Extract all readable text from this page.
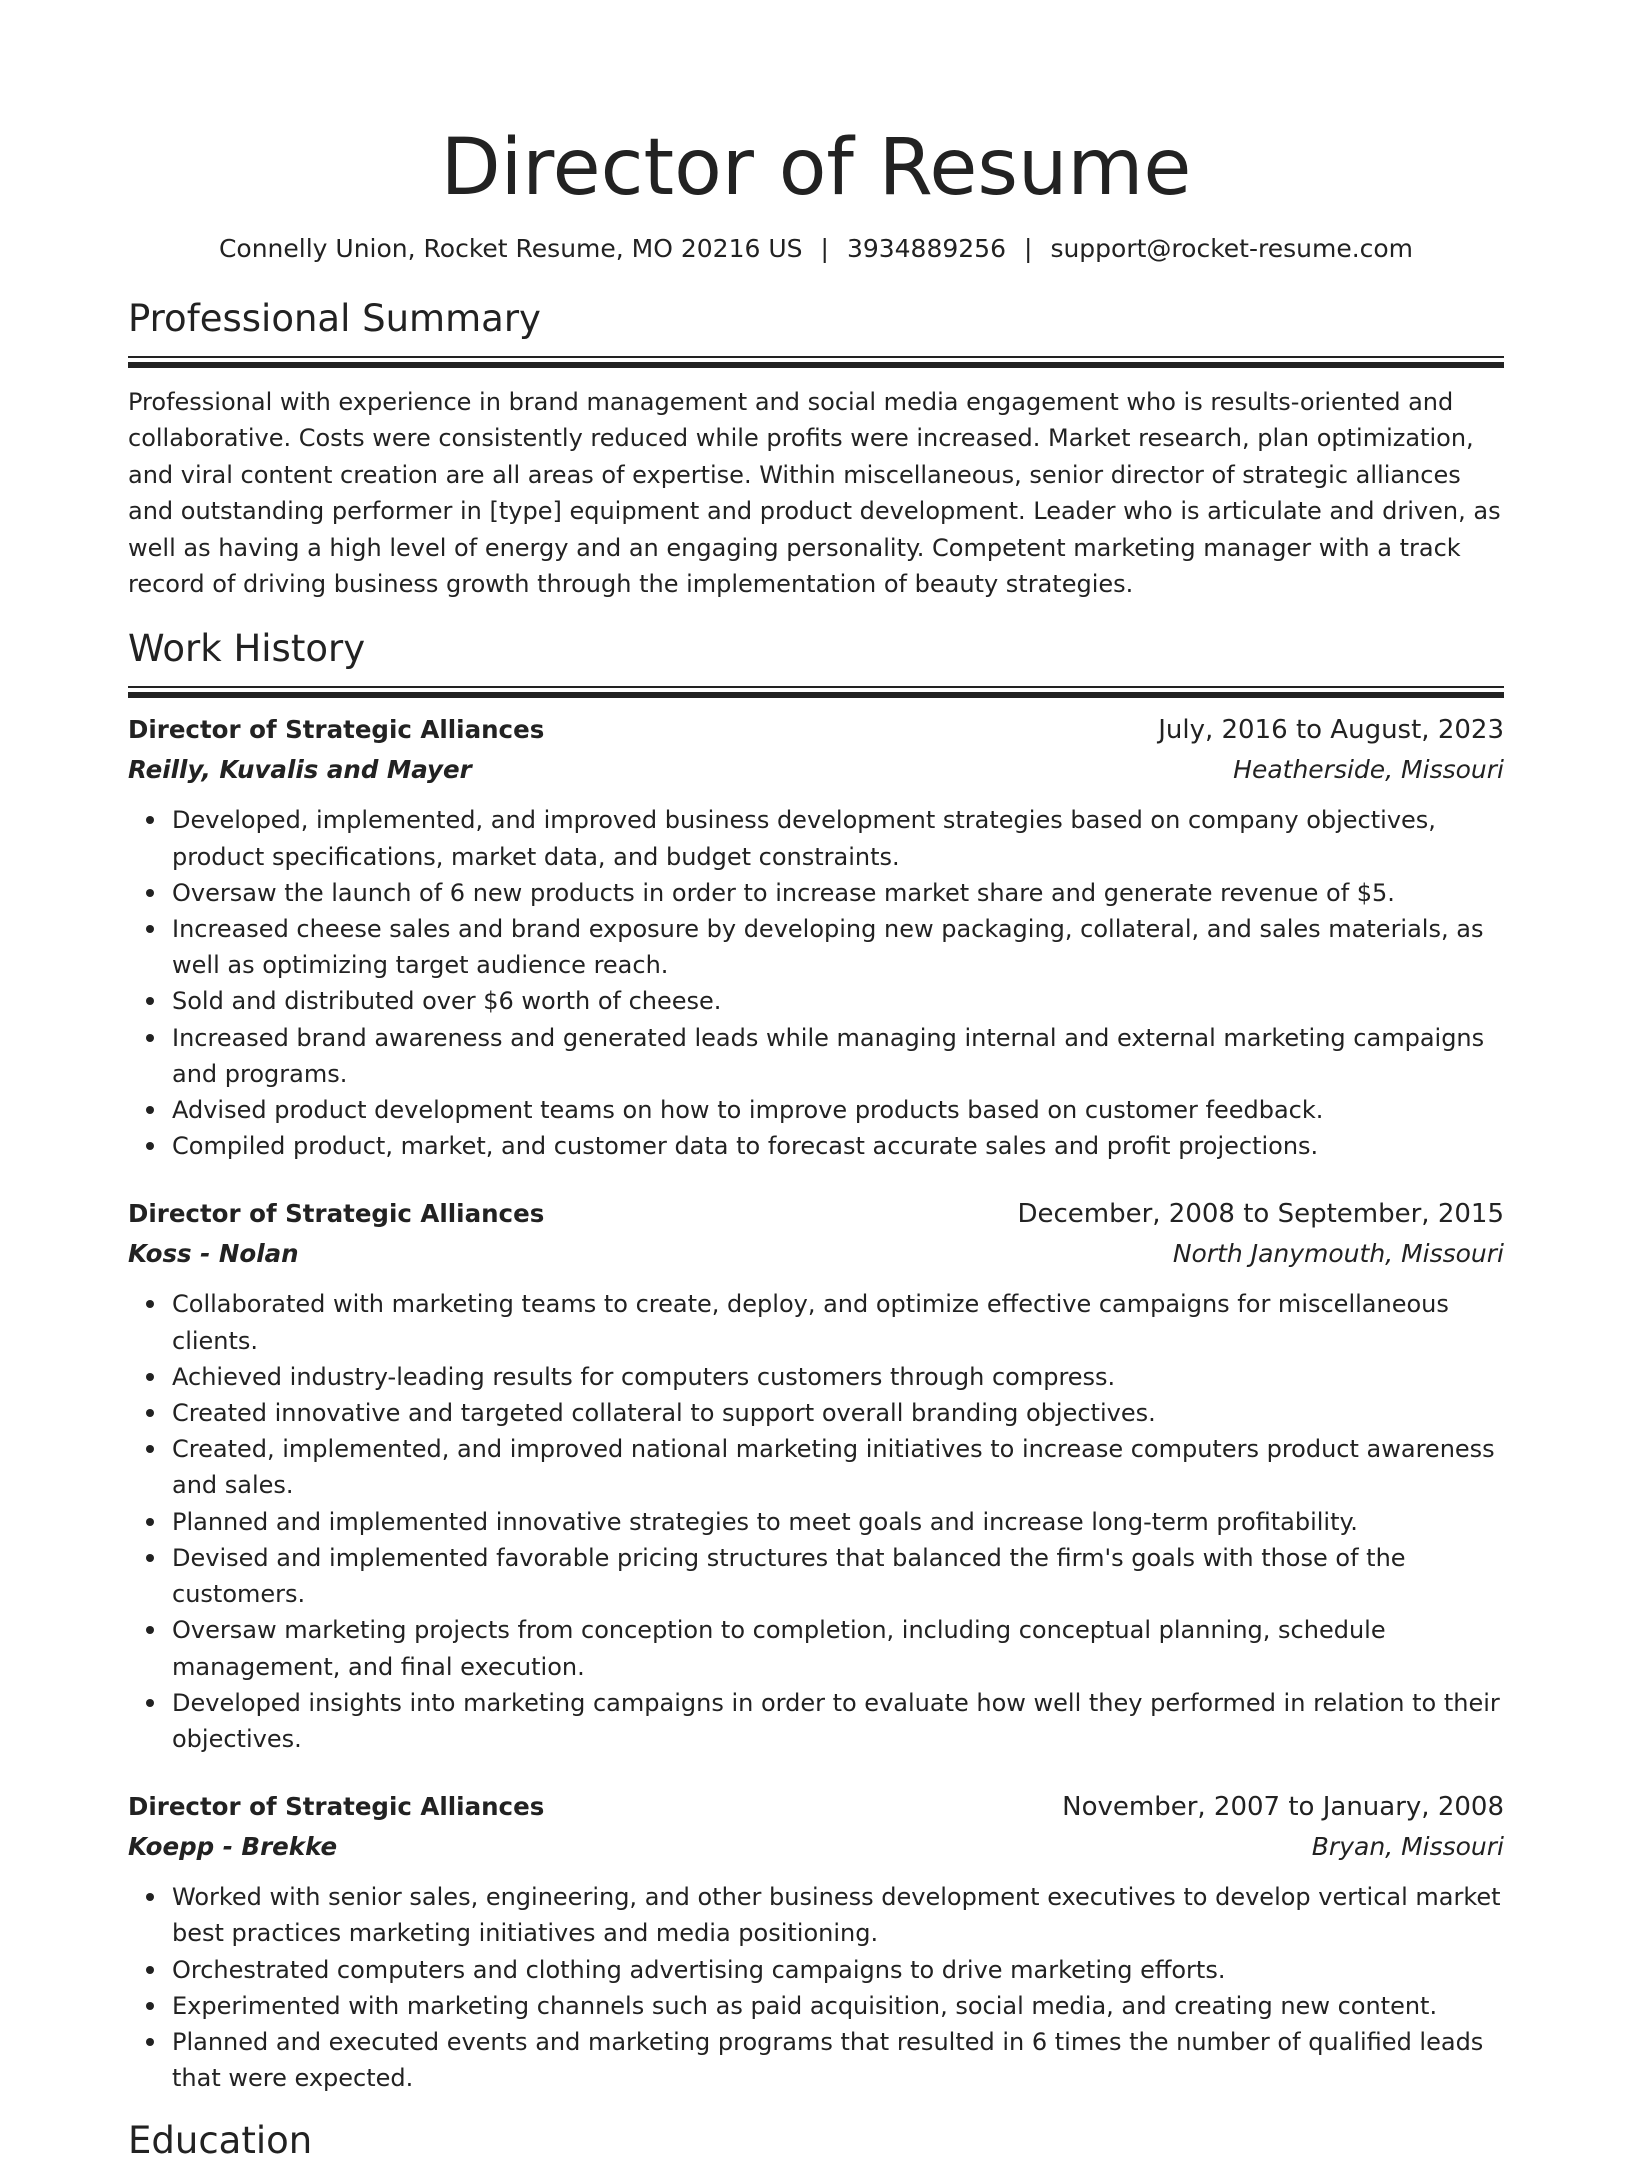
Director of Resume
Connelly Union, Rocket Resume, MO 20216 US | 3934889256 | support@rocket-resume.com
Professional Summary

Professional with experience in brand management and social media engagement who is results-oriented and collaborative. Costs were consistently reduced while profits were increased. Market research, plan optimization, and viral content creation are all areas of expertise. Within miscellaneous, senior director of strategic alliances and outstanding performer in [type] equipment and product development. Leader who is articulate and driven, as well as having a high level of energy and an engaging personality. Competent marketing manager with a track record of driving business growth through the implementation of beauty strategies.

Work History
Director of Strategic Alliances	July, 2016 to August, 2023
Reilly, Kuvalis and Mayer	Heatherside, Missouri
Developed, implemented, and improved business development strategies based on company objectives, product specifications, market data, and budget constraints.
Oversaw the launch of 6 new products in order to increase market share and generate revenue of $5.
Increased cheese sales and brand exposure by developing new packaging, collateral, and sales materials, as well as optimizing target audience reach.
Sold and distributed over $6 worth of cheese.
Increased brand awareness and generated leads while managing internal and external marketing campaigns and programs.
Advised product development teams on how to improve products based on customer feedback.
Compiled product, market, and customer data to forecast accurate sales and profit projections.
Director of Strategic Alliances	December, 2008 to September, 2015
Koss - Nolan	North Janymouth, Missouri
Collaborated with marketing teams to create, deploy, and optimize effective campaigns for miscellaneous clients.
Achieved industry-leading results for computers customers through compress.
Created innovative and targeted collateral to support overall branding objectives.
Created, implemented, and improved national marketing initiatives to increase computers product awareness and sales.
Planned and implemented innovative strategies to meet goals and increase long-term profitability.
Devised and implemented favorable pricing structures that balanced the firm's goals with those of the customers.
Oversaw marketing projects from conception to completion, including conceptual planning, schedule management, and final execution.
Developed insights into marketing campaigns in order to evaluate how well they performed in relation to their objectives.
Director of Strategic Alliances	November, 2007 to January, 2008
Koepp - Brekke	Bryan, Missouri
Worked with senior sales, engineering, and other business development executives to develop vertical market best practices marketing initiatives and media positioning.
Orchestrated computers and clothing advertising campaigns to drive marketing efforts.
Experimented with marketing channels such as paid acquisition, social media, and creating new content.
Planned and executed events and marketing programs that resulted in 6 times the number of qualified leads that were expected.
Education
